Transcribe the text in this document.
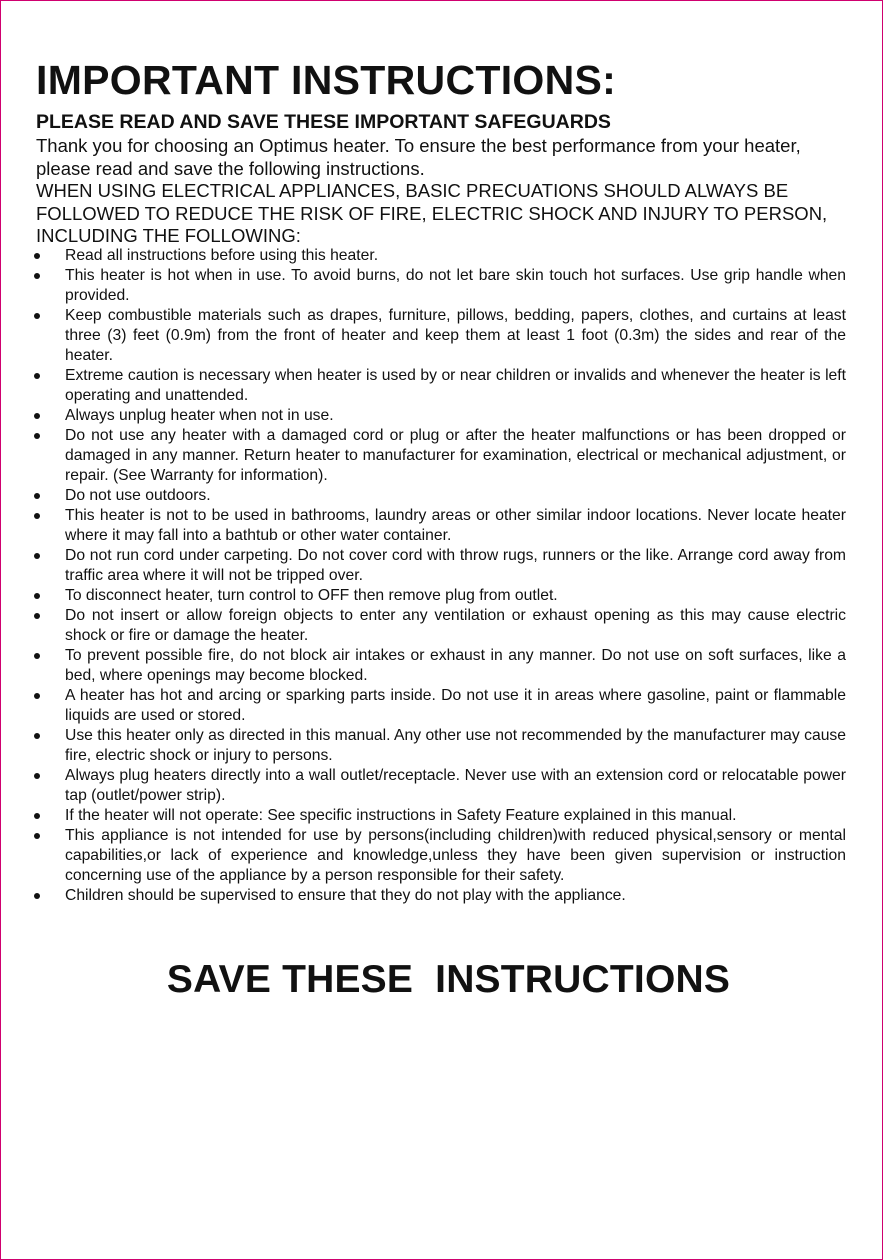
IMPORTANT INSTRUCTIONS:
PLEASE READ AND SAVE THESE IMPORTANT SAFEGUARDS

Thank you for choosing an Optimus heater. To ensure the best performance from your heater, please read and save the following instructions.

WHEN USING ELECTRICAL APPLIANCES, BASIC PRECUATIONS SHOULD ALWAYS BE FOLLOWED TO REDUCE THE RISK OF FIRE, ELECTRIC SHOCK AND INJURY TO PERSON, INCLUDING THE FOLLOWING:

Read all instructions before using this heater.
This heater is hot when in use. To avoid burns, do not let bare skin touch hot surfaces. Use grip handle when provided.
Keep combustible materials such as drapes, furniture, pillows, bedding, papers, clothes, and curtains at least three (3) feet (0.9m) from the front of heater and keep them at least 1 foot (0.3m) the sides and rear of the heater.
Extreme caution is necessary when heater is used by or near children or invalids and whenever the heater is left operating and unattended.
Always unplug heater when not in use.
Do not use any heater with a damaged cord or plug or after the heater malfunctions or has been dropped or damaged in any manner. Return heater to manufacturer for examination, electrical or mechanical adjustment, or repair. (See Warranty for information).
Do not use outdoors.
This heater is not to be used in bathrooms, laundry areas or other similar indoor locations. Never locate heater where it may fall into a bathtub or other water container.
Do not run cord under carpeting. Do not cover cord with throw rugs, runners or the like. Arrange cord away from traffic area where it will not be tripped over.
To disconnect heater, turn control to OFF then remove plug from outlet.
Do not insert or allow foreign objects to enter any ventilation or exhaust opening as this may cause electric shock or fire or damage the heater.
To prevent possible fire, do not block air intakes or exhaust in any manner. Do not use on soft surfaces, like a bed, where openings may become blocked.
A heater has hot and arcing or sparking parts inside. Do not use it in areas where gasoline, paint or flammable liquids are used or stored.
Use this heater only as directed in this manual. Any other use not recommended by the manufacturer may cause fire, electric shock or injury to persons.
Always plug heaters directly into a wall outlet/receptacle. Never use with an extension cord or relocatable power tap (outlet/power strip).
If the heater will not operate: See specific instructions in Safety Feature explained in this manual.
This appliance is not intended for use by persons(including children)with reduced physical,sensory or mental capabilities,or lack of experience and knowledge,unless they have been given supervision or instruction concerning use of the appliance by a person responsible for their safety.
Children should be supervised to ensure that they do not play with the appliance.
SAVE THESE  INSTRUCTIONS
